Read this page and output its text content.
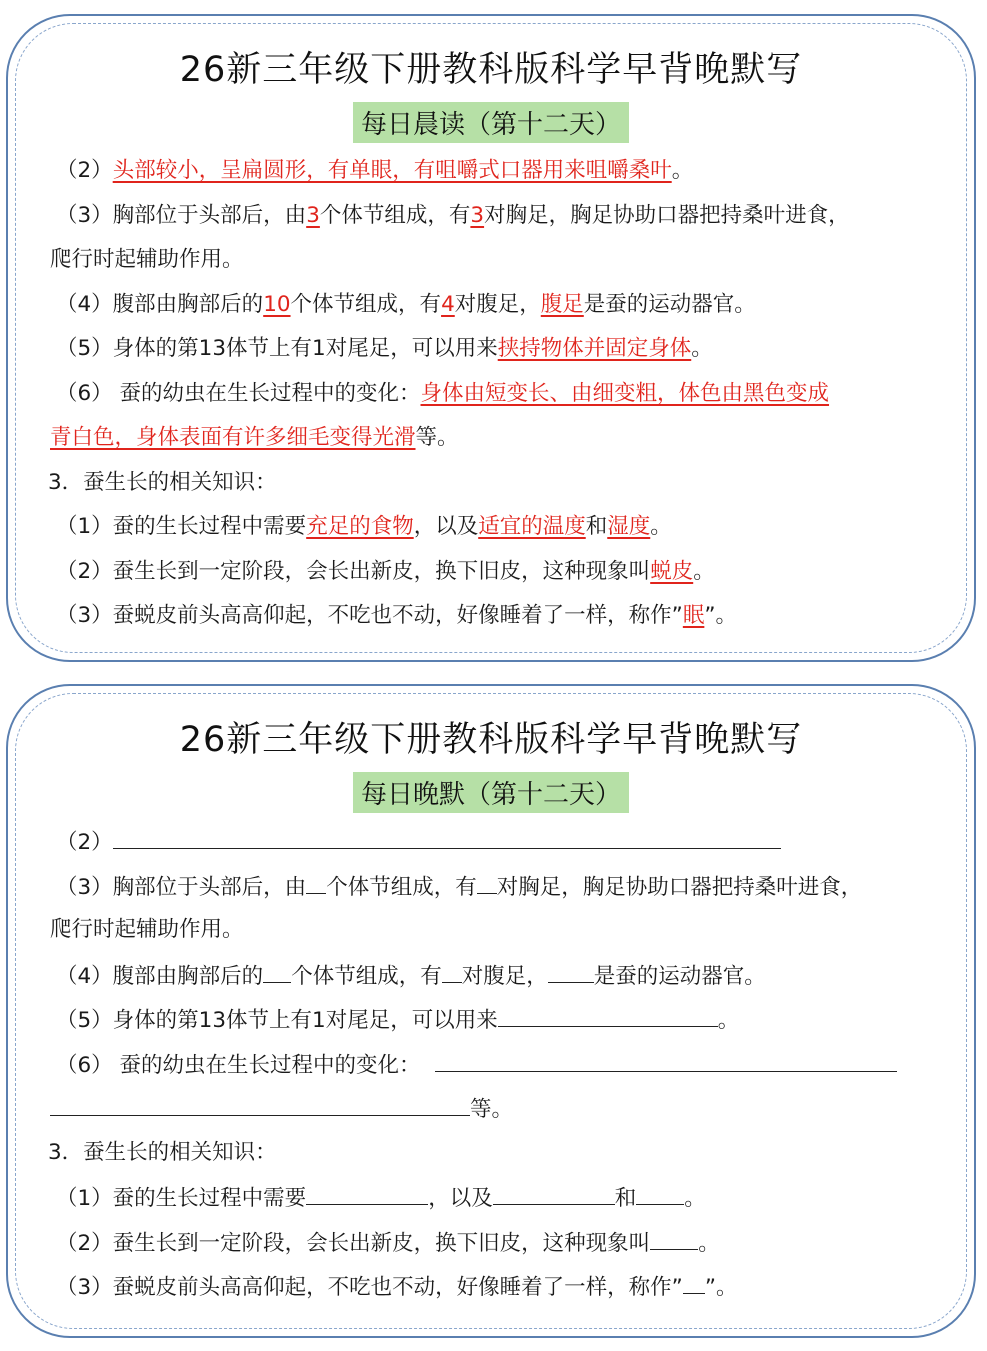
26新三年级下册教科版科学早背晚默写
每日晨读（第十二天）
（2）头部较小，呈扁圆形，有单眼，有咀嚼式口器用来咀嚼桑叶。
（3）胸部位于头部后，由3个体节组成，有3对胸足，胸足协助口器把持桑叶进食，
爬行时起辅助作用。
（4）腹部由胸部后的10个体节组成，有4对腹足，腹足是蚕的运动器官。
（5）身体的第13体节上有1对尾足，可以用来挟持物体并固定身体。
（6） 蚕的幼虫在生长过程中的变化：身体由短变长、由细变粗，体色由黑色变成
青白色，身体表面有许多细毛变得光滑等。
3．蚕生长的相关知识：
（1）蚕的生长过程中需要充足的食物，以及适宜的温度和湿度。
（2）蚕生长到一定阶段，会长出新皮，换下旧皮，这种现象叫蜕皮。
（3）蚕蜕皮前头高高仰起，不吃也不动，好像睡着了一样，称作”眠”。
26新三年级下册教科版科学早背晚默写
每日晚默（第十二天）
（2）
（3）胸部位于头部后，由 个体节组成，有 对胸足，胸足协助口器把持桑叶进食，
爬行时起辅助作用。
（4）腹部由胸部后的 个体节组成，有 对腹足， 是蚕的运动器官。
（5）身体的第13体节上有1对尾足，可以用来	。
（6） 蚕的幼虫在生长过程中的变化：
等。
3．蚕生长的相关知识：
（1）蚕的生长过程中需要	，以及	和 。
（2）蚕生长到一定阶段，会长出新皮，换下旧皮，这种现象叫 。
（3）蚕蜕皮前头高高仰起，不吃也不动，好像睡着了一样，称作” ”。
